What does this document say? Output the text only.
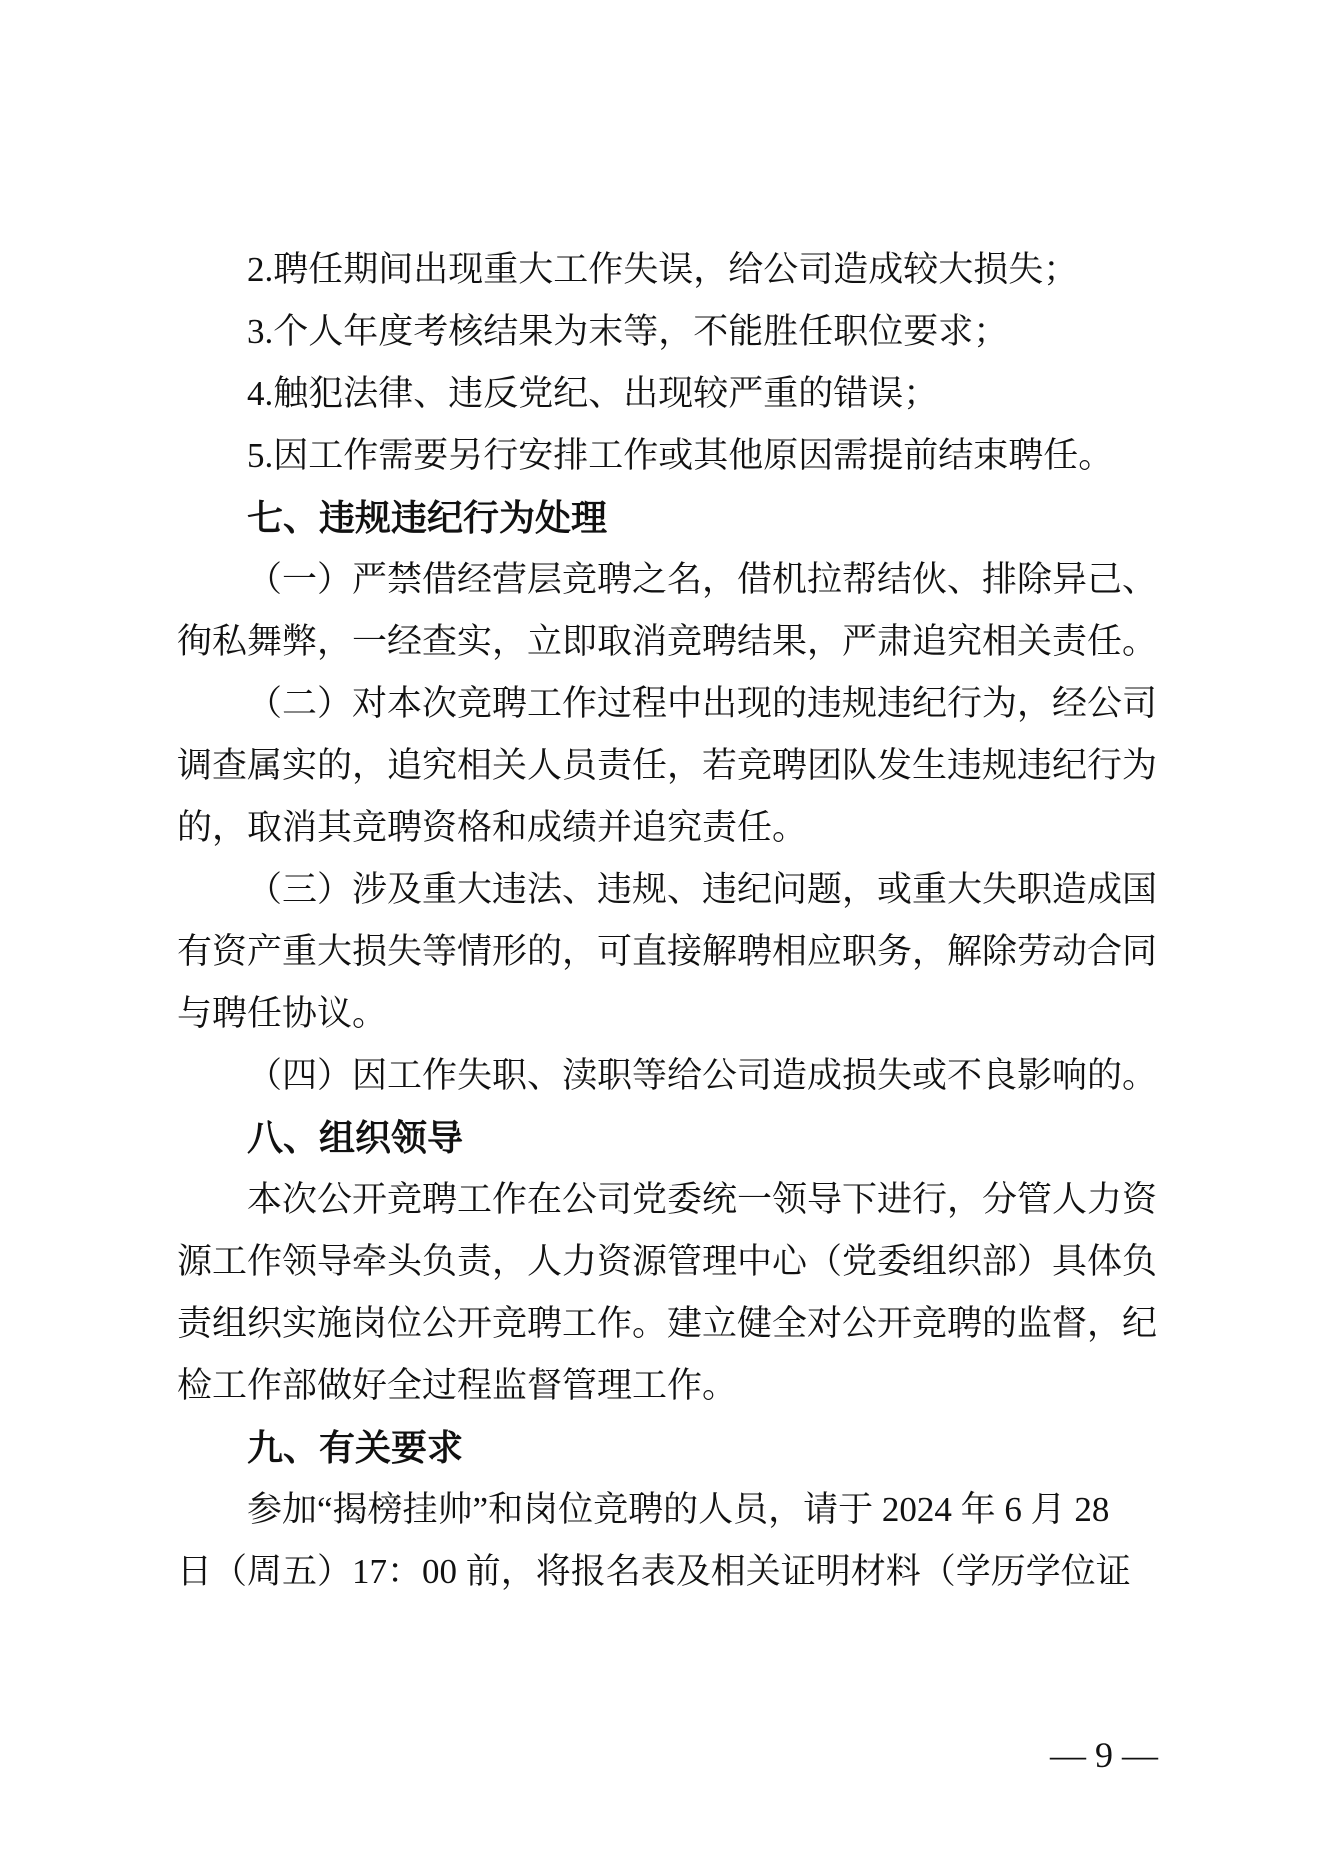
2.聘任期间出现重大工作失误，给公司造成较大损失；
3.个人年度考核结果为末等，不能胜任职位要求；
4.触犯法律、违反党纪、出现较严重的错误；
5.因工作需要另行安排工作或其他原因需提前结束聘任。
七、违规违纪行为处理
（一）严禁借经营层竞聘之名，借机拉帮结伙、排除异己、
徇私舞弊，一经查实，立即取消竞聘结果，严肃追究相关责任。
（二）对本次竞聘工作过程中出现的违规违纪行为，经公司
调查属实的，追究相关人员责任，若竞聘团队发生违规违纪行为
的，取消其竞聘资格和成绩并追究责任。
（三）涉及重大违法、违规、违纪问题，或重大失职造成国
有资产重大损失等情形的，可直接解聘相应职务，解除劳动合同
与聘任协议。
（四）因工作失职、渎职等给公司造成损失或不良影响的。
八、组织领导
本次公开竞聘工作在公司党委统一领导下进行，分管人力资
源工作领导牵头负责，人力资源管理中心（党委组织部）具体负
责组织实施岗位公开竞聘工作。建立健全对公开竞聘的监督，纪
检工作部做好全过程监督管理工作。
九、有关要求
参加“揭榜挂帅”和岗位竞聘的人员，请于 2024 年 6 月 28
日（周五）17：00 前，将报名表及相关证明材料（学历学位证
— 9 —
